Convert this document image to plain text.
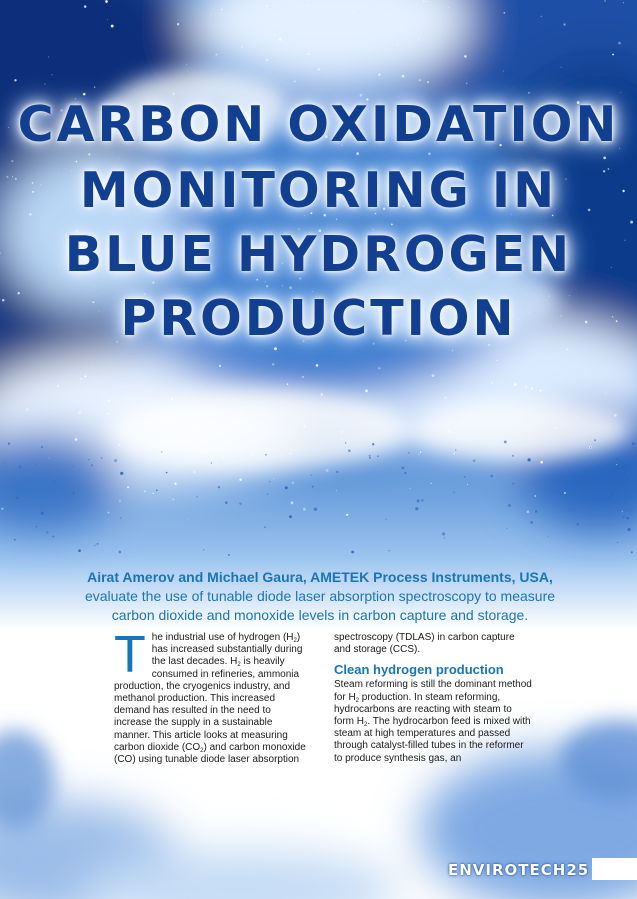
CARBON OXIDATION
MONITORING IN
BLUE HYDROGEN
PRODUCTION
Airat Amerov and Michael Gaura, AMETEK Process Instruments, USA, evaluate the use of tunable diode laser absorption spectroscopy to measure carbon dioxide and monoxide levels in carbon capture and storage.

The industrial use of hydrogen $(H_2)$ has increased substantially during the last decades. $H_2$ is heavily consumed in refineries, ammonia production, the cryogenics industry, and methanol production. This increased demand has resulted in the need to increase the supply in a sustainable manner. This article looks at measuring carbon dioxide $(CO_2)$ and carbon monoxide (CO) using tunable diode laser absorption

spectroscopy (TDLAS) in carbon capture and storage (CCS).

Clean hydrogen production

Steam reforming is still the dominant method for $H_2$ production. In steam reforming, hydrocarbons are reacting with steam to form $H_2$. The hydrocarbon feed is mixed with steam at high temperatures and passed through catalyst-filled tubes in the reformer to produce synthesis gas, an

ENVIROTECH25
